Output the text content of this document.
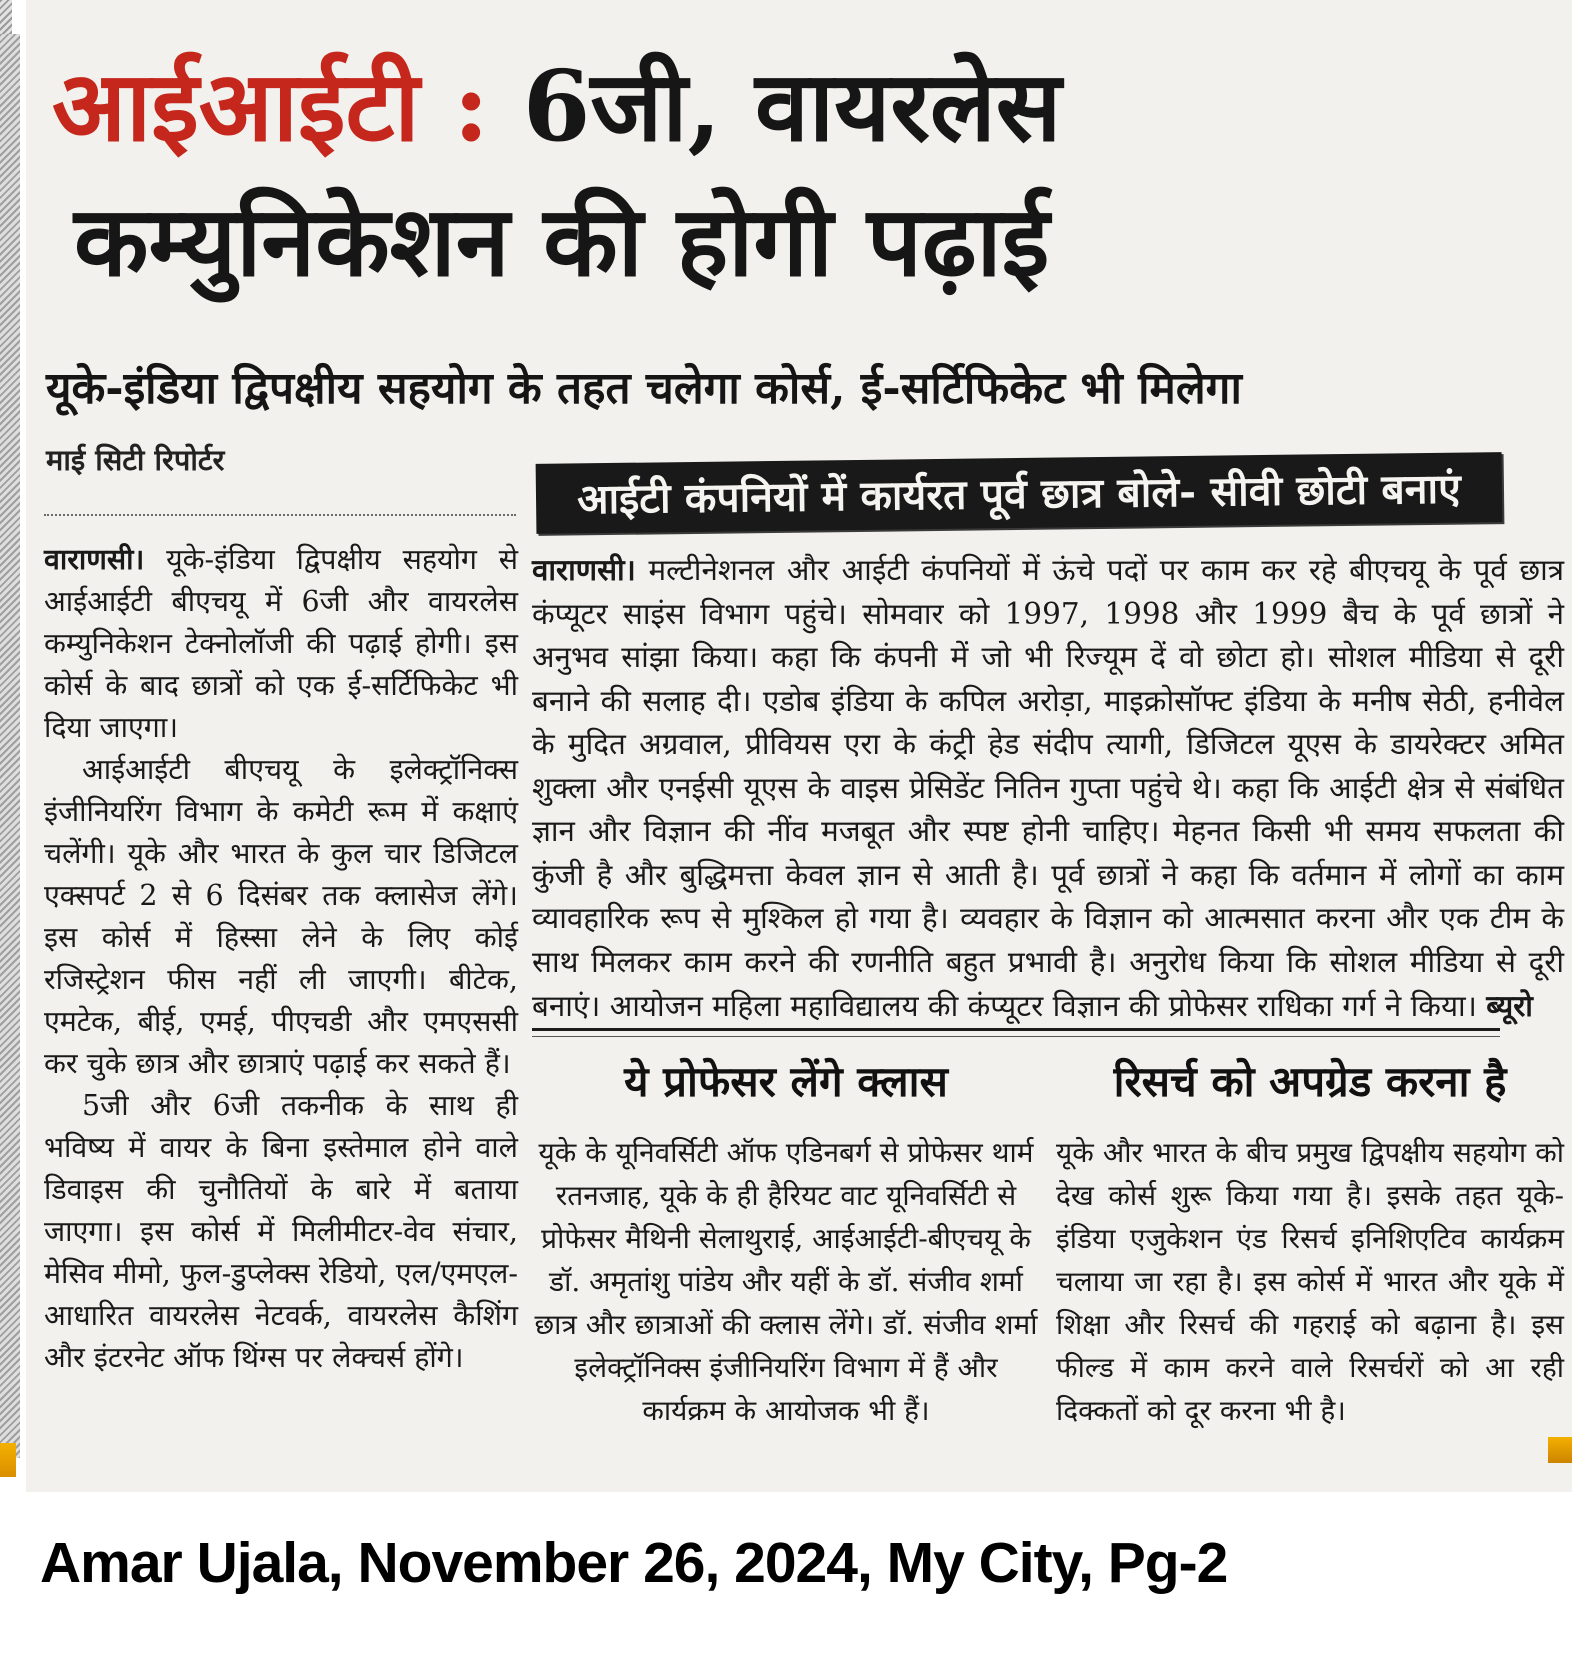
आईआईटी : 6जी, वायरलेस
कम्युनिकेशन की होगी पढ़ाई
यूके-इंडिया द्विपक्षीय सहयोग के तहत चलेगा कोर्स, ई-सर्टिफिकेट भी मिलेगा
माई सिटी रिपोर्टर

वाराणसी। यूके-इंडिया द्विपक्षीय सहयोग से आईआईटी बीएचयू में 6जी और वायरलेस कम्युनिकेशन टेक्नोलॉजी की पढ़ाई होगी। इस कोर्स के बाद छात्रों को एक ई-सर्टिफिकेट भी दिया जाएगा।

आईआईटी बीएचयू के इलेक्ट्रॉनिक्स इंजीनियरिंग विभाग के कमेटी रूम में कक्षाएं चलेंगी। यूके और भारत के कुल चार डिजिटल एक्सपर्ट 2 से 6 दिसंबर तक क्लासेज लेंगे। इस कोर्स में हिस्सा लेने के लिए कोई रजिस्ट्रेशन फीस नहीं ली जाएगी। बीटेक, एमटेक, बीई, एमई, पीएचडी और एमएससी कर चुके छात्र और छात्राएं पढ़ाई कर सकते हैं।

5जी और 6जी तकनीक के साथ ही भविष्य में वायर के बिना इस्तेमाल होने वाले डिवाइस की चुनौतियों के बारे में बताया जाएगा। इस कोर्स में मिलीमीटर-वेव संचार, मेसिव मीमो, फुल-डुप्लेक्स रेडियो, एल/एमएल-आधारित वायरलेस नेटवर्क, वायरलेस कैशिंग और इंटरनेट ऑफ थिंग्स पर लेक्चर्स होंगे।

आईटी कंपनियों में कार्यरत पूर्व छात्र बोले- सीवी छोटी बनाएं

वाराणसी। मल्टीनेशनल और आईटी कंपनियों में ऊंचे पदों पर काम कर रहे बीएचयू के पूर्व छात्र कंप्यूटर साइंस विभाग पहुंचे। सोमवार को 1997, 1998 और 1999 बैच के पूर्व छात्रों ने अनुभव सांझा किया। कहा कि कंपनी में जो भी रिज्यूम दें वो छोटा हो। सोशल मीडिया से दूरी बनाने की सलाह दी। एडोब इंडिया के कपिल अरोड़ा, माइक्रोसॉफ्ट इंडिया के मनीष सेठी, हनीवेल के मुदित अग्रवाल, प्रीवियस एरा के कंट्री हेड संदीप त्यागी, डिजिटल यूएस के डायरेक्टर अमित शुक्ला और एनईसी यूएस के वाइस प्रेसिडेंट नितिन गुप्ता पहुंचे थे। कहा कि आईटी क्षेत्र से संबंधित ज्ञान और विज्ञान की नींव मजबूत और स्पष्ट होनी चाहिए। मेहनत किसी भी समय सफलता की कुंजी है और बुद्धिमत्ता केवल ज्ञान से आती है। पूर्व छात्रों ने कहा कि वर्तमान में लोगों का काम व्यावहारिक रूप से मुश्किल हो गया है। व्यवहार के विज्ञान को आत्मसात करना और एक टीम के साथ मिलकर काम करने की रणनीति बहुत प्रभावी है। अनुरोध किया कि सोशल मीडिया से दूरी बनाएं। आयोजन महिला महाविद्यालय की कंप्यूटर विज्ञान की प्रोफेसर राधिका गर्ग ने किया। ब्यूरो

ये प्रोफेसर लेंगे क्लास

यूके के यूनिवर्सिटी ऑफ एडिनबर्ग से प्रोफेसर थार्म रतनजाह, यूके के ही हैरियट वाट यूनिवर्सिटी से प्रोफेसर मैथिनी सेलाथुराई, आईआईटी-बीएचयू के डॉ. अमृतांशु पांडेय और यहीं के डॉ. संजीव शर्मा छात्र और छात्राओं की क्लास लेंगे। डॉ. संजीव शर्मा इलेक्ट्रॉनिक्स इंजीनियरिंग विभाग में हैं और कार्यक्रम के आयोजक भी हैं।

रिसर्च को अपग्रेड करना है

यूके और भारत के बीच प्रमुख द्विपक्षीय सहयोग को देख कोर्स शुरू किया गया है। इसके तहत यूके-इंडिया एजुकेशन एंड रिसर्च इनिशिएटिव कार्यक्रम चलाया जा रहा है। इस कोर्स में भारत और यूके में शिक्षा और रिसर्च की गहराई को बढ़ाना है। इस फील्ड में काम करने वाले रिसर्चरों को आ रही दिक्कतों को दूर करना भी है।

Amar Ujala, November 26, 2024, My City, Pg-2
